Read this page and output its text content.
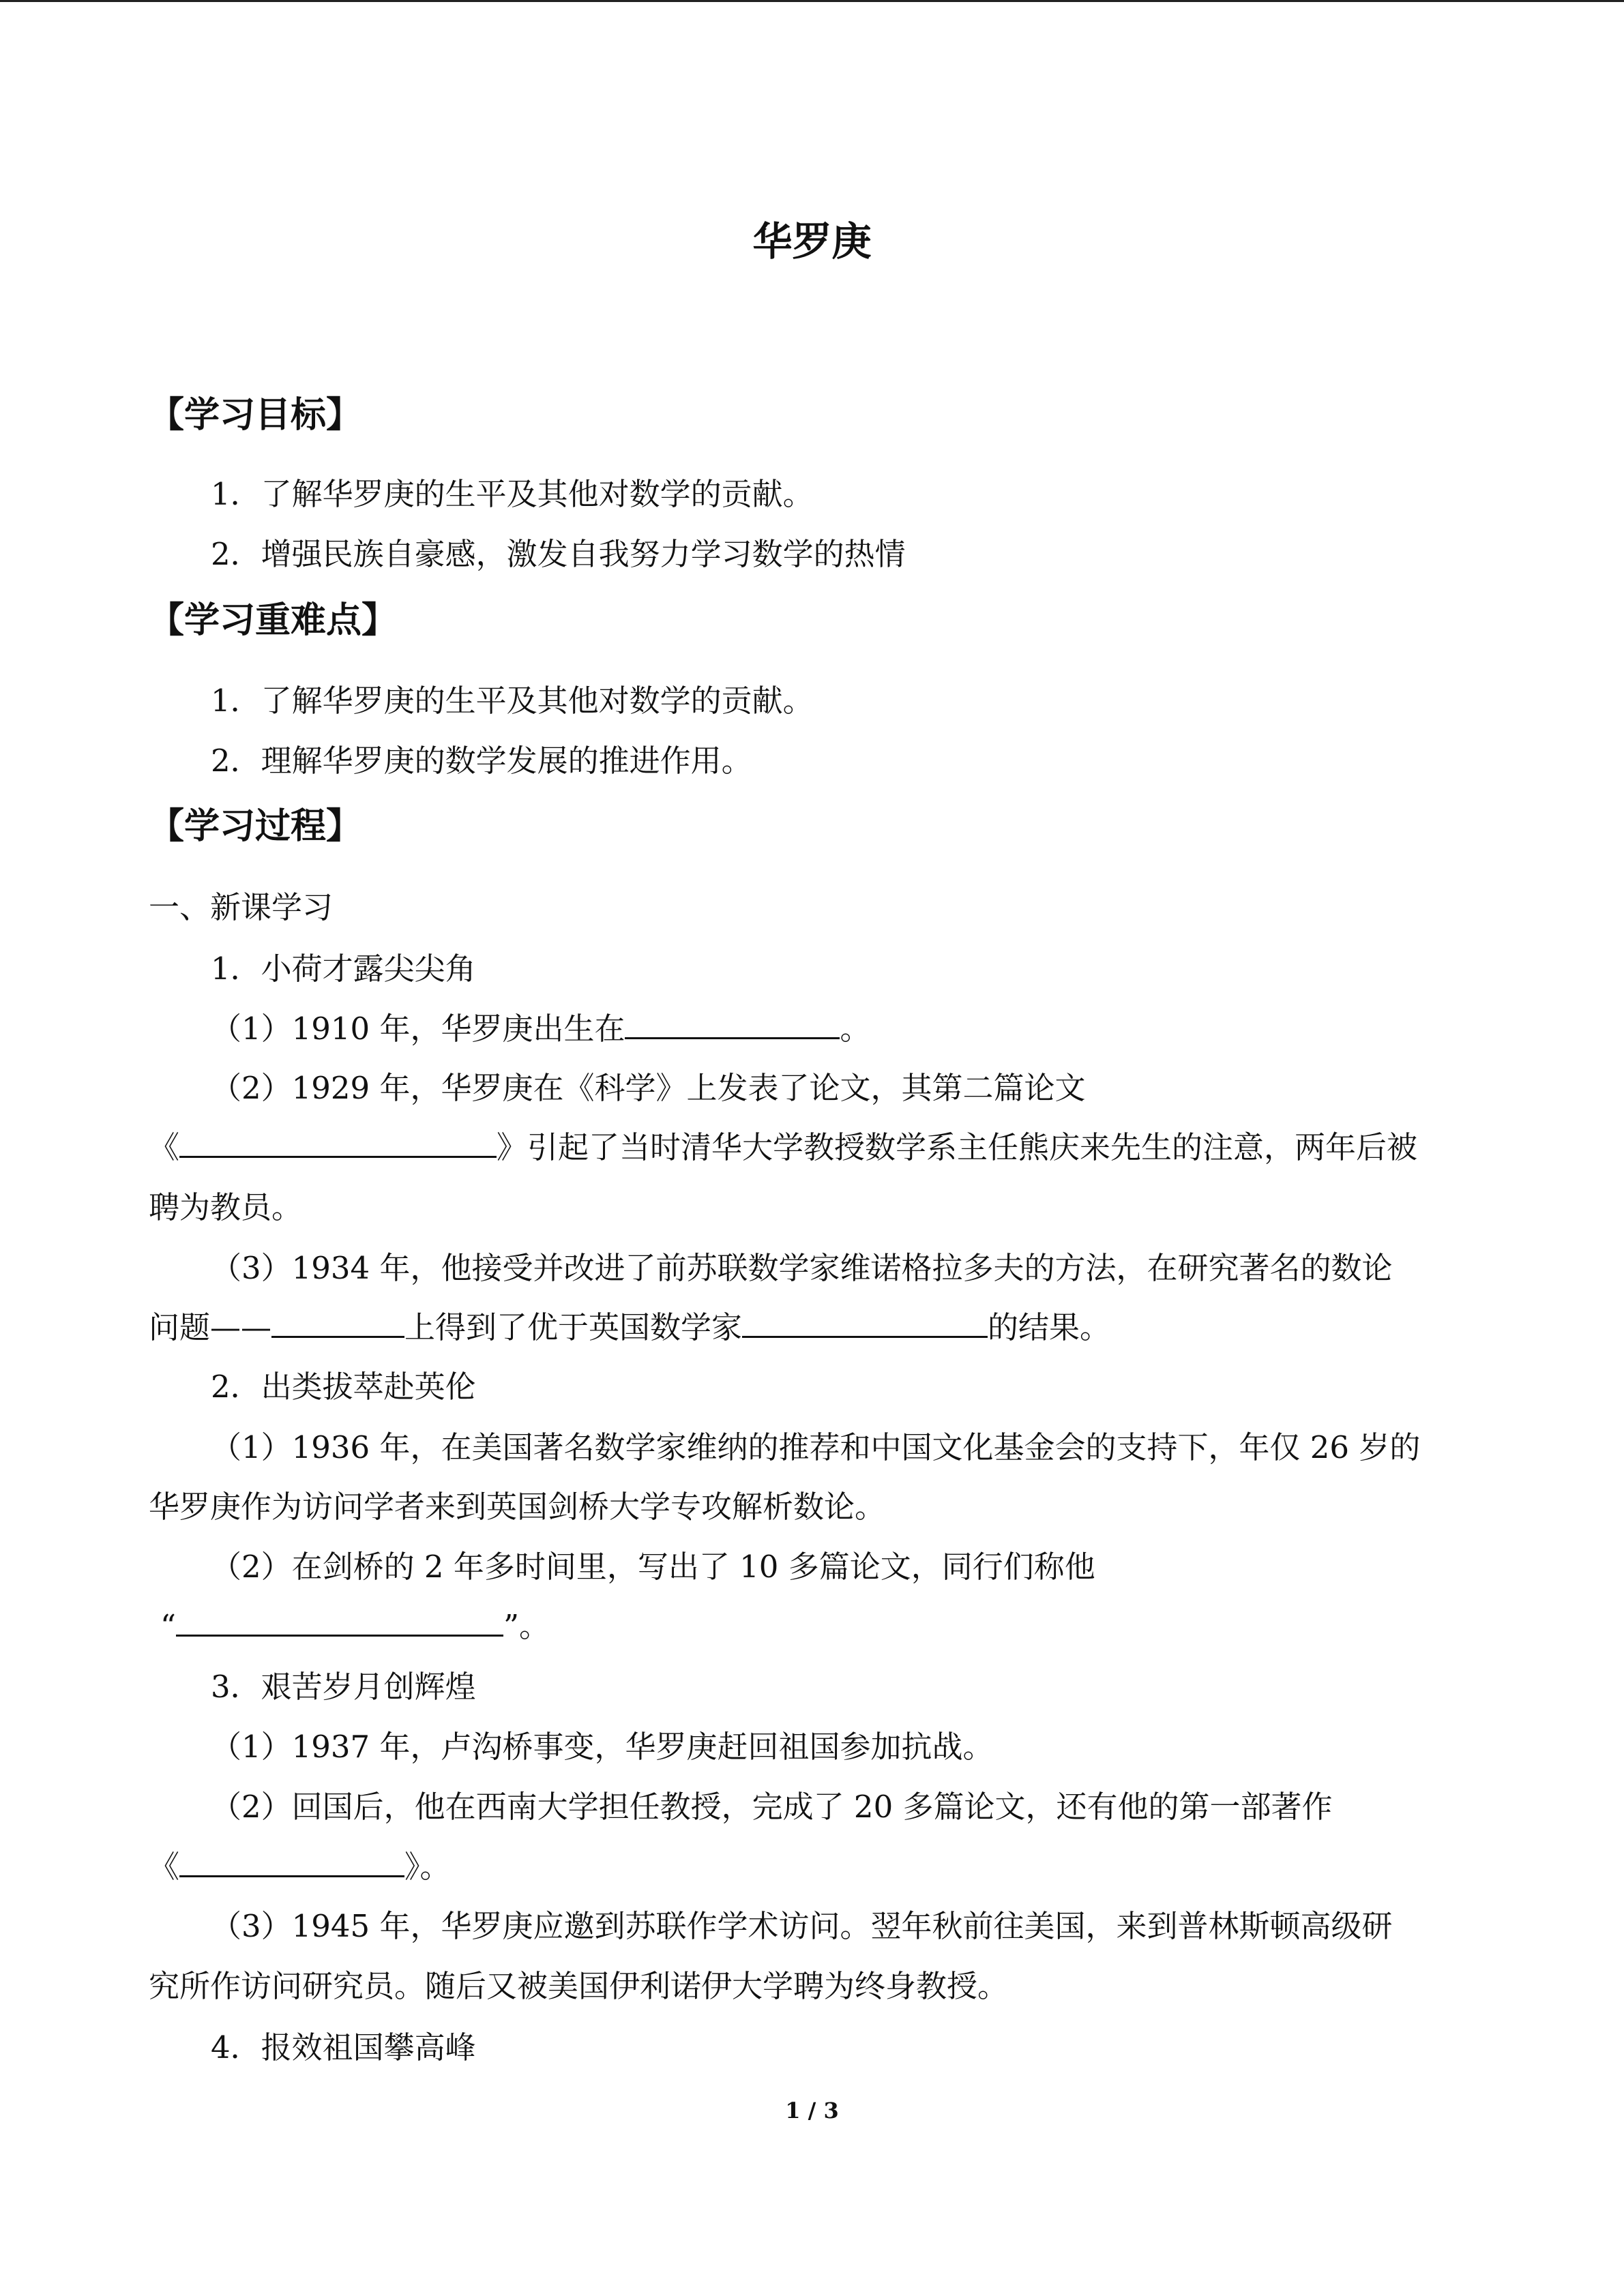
华罗庚
【学习目标】
1．了解华罗庚的生平及其他对数学的贡献。
2．增强民族自豪感，激发自我努力学习数学的热情
【学习重难点】
1．了解华罗庚的生平及其他对数学的贡献。
2．理解华罗庚的数学发展的推进作用。
【学习过程】
一、新课学习
1．小荷才露尖尖角
（1）1910 年，华罗庚出生在	。
（2）1929 年，华罗庚在《科学》上发表了论文，其第二篇论文
《	》引起了当时清华大学教授数学系主任熊庆来先生的注意，两年后被
聘为教员。
（3）1934 年，他接受并改进了前苏联数学家维诺格拉多夫的方法，在研究著名的数论
问题——	上得到了优于英国数学家	的结果。
2．出类拔萃赴英伦
（1）1936 年，在美国著名数学家维纳的推荐和中国文化基金会的支持下，年仅 26 岁的
华罗庚作为访问学者来到英国剑桥大学专攻解析数论。
（2）在剑桥的 2 年多时间里，写出了 10 多篇论文，同行们称他
“	”。
3．艰苦岁月创辉煌
（1）1937 年，卢沟桥事变，华罗庚赶回祖国参加抗战。
（2）回国后，他在西南大学担任教授，完成了 20 多篇论文，还有他的第一部著作
《	》。
（3）1945 年，华罗庚应邀到苏联作学术访问。翌年秋前往美国，来到普林斯顿高级研
究所作访问研究员。随后又被美国伊利诺伊大学聘为终身教授。
4．报效祖国攀高峰
1 / 3
